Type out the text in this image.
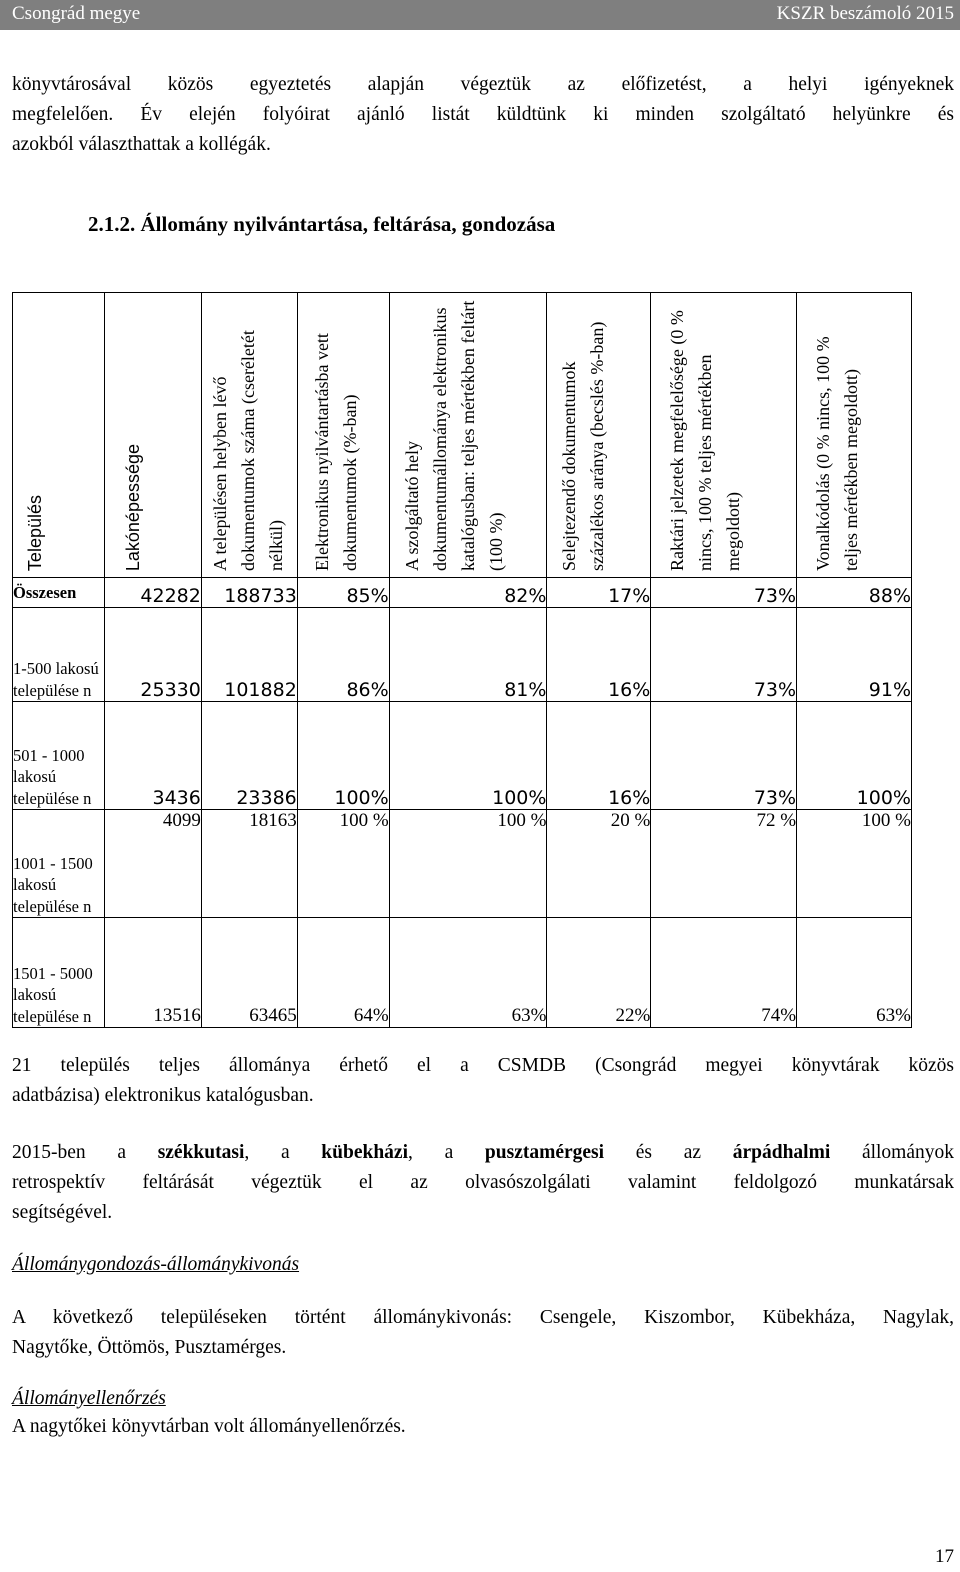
Csongrád megye	KSZR beszámoló 2015
könyvtárosával közös egyeztetés alapján végeztük az előfizetést, a helyi igényeknek
megfelelően. Év elején folyóirat ajánló listát küldtünk ki minden szolgáltató helyünkre és
azokból választhattak a kollégák.
2.1.2. Állomány nyilvántartása, feltárása, gondozása
Település	Lakónépessége	A településen helyben lévő dokumentumok száma (cseréletét nélkül)	Elektronikus nyilvántartásba vett dokumentumok (%-ban)	A szolgáltató hely dokumentumállománya elektronikus katalógusban: teljes mértékben feltárt (100 %)	Selejtezendő dokumentumok százalékos aránya (becslés %-ban)	Raktári jelzetek megfelelősége (0 % nincs, 100 % teljes mértékben megoldott)	Vonalkódolás (0 % nincs, 100 % teljes mértékben megoldott)

Összesen	42282	188733	85%	82%	17%	73%	88%
1-500 lakosú települése n	25330	101882	86%	81%	16%	73%	91%
501 - 1000 lakosú települése n	3436	23386	100%	100%	16%	73%	100%
1001 - 1500 lakosú települése n	4099	18163	100 %	100 %	20 %	72 %	100 %
1501 - 5000 lakosú települése n	13516	63465	64%	63%	22%	74%	63%
21 település teljes állománya érhető el a CSMDB (Csongrád megyei könyvtárak közös
adatbázisa) elektronikus katalógusban.
2015-ben a székkutasi, a kübekházi, a pusztamérgesi és az árpádhalmi állományok
retrospektív feltárását végeztük el az olvasószolgálati valamint feldolgozó munkatársak
segítségével.
Állománygondozás-állománykivonás
A következő településeken történt állománykivonás: Csengele, Kiszombor, Kübekháza, Nagylak,
Nagytőke, Öttömös, Pusztamérges.
Állományellenőrzés
A nagytőkei könyvtárban volt állományellenőrzés.
17
